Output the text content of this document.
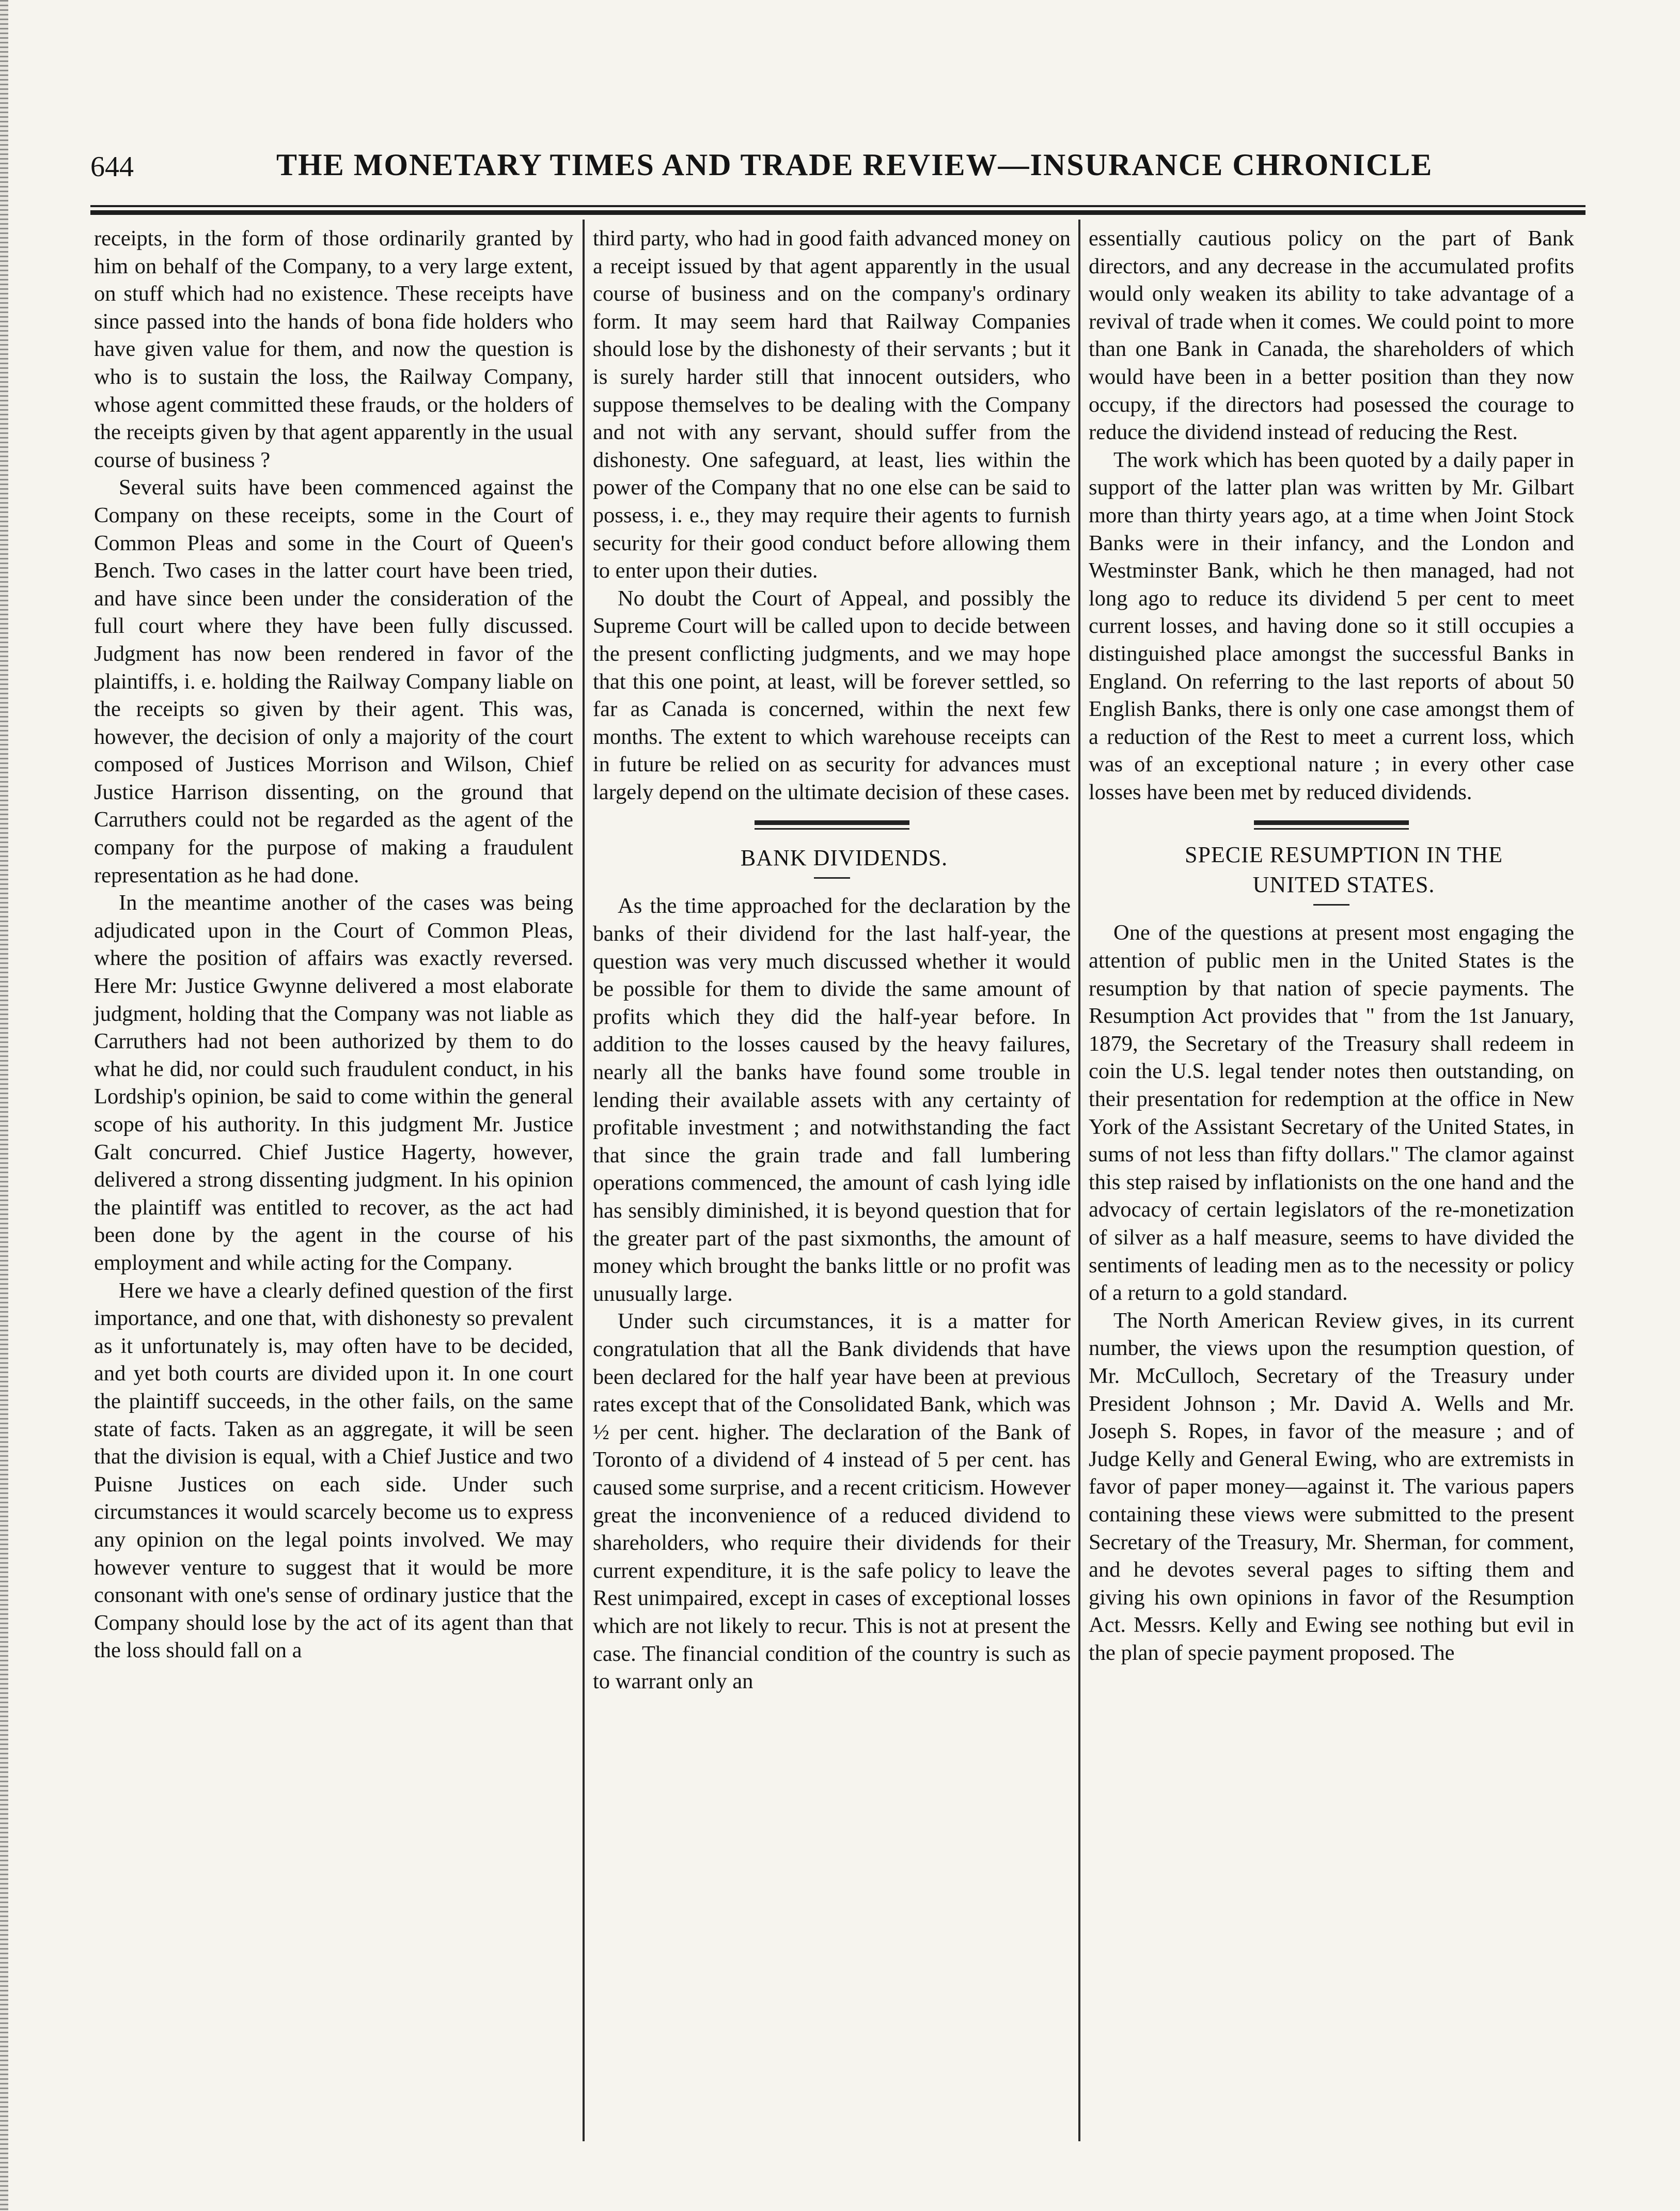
644	THE MONETARY TIMES AND TRADE REVIEW—INSURANCE CHRONICLE

receipts, in the form of those ordinarily granted by him on behalf of the Company, to a very large extent, on stuff which had no existence. These receipts have since passed into the hands of bona fide holders who have given value for them, and now the question is who is to sustain the loss, the Railway Company, whose agent committed these frauds, or the holders of the receipts given by that agent apparently in the usual course of business ?

Several suits have been commenced against the Company on these receipts, some in the Court of Common Pleas and some in the Court of Queen's Bench. Two cases in the latter court have been tried, and have since been under the consideration of the full court where they have been fully discussed. Judgment has now been rendered in favor of the plaintiffs, i. e. holding the Railway Company liable on the receipts so given by their agent. This was, however, the decision of only a majority of the court composed of Justices Morrison and Wilson, Chief Justice Harrison dissenting, on the ground that Carruthers could not be regarded as the agent of the company for the purpose of making a fraudulent representation as he had done.

In the meantime another of the cases was being adjudicated upon in the Court of Common Pleas, where the position of affairs was exactly reversed. Here Mr: Justice Gwynne delivered a most elaborate judgment, holding that the Company was not liable as Carruthers had not been authorized by them to do what he did, nor could such fraudulent conduct, in his Lordship's opinion, be said to come within the general scope of his authority. In this judgment Mr. Justice Galt concurred. Chief Justice Hagerty, however, delivered a strong dissenting judgment. In his opinion the plaintiff was entitled to recover, as the act had been done by the agent in the course of his employment and while acting for the Company.

Here we have a clearly defined question of the first importance, and one that, with dishonesty so prevalent as it unfortunately is, may often have to be decided, and yet both courts are divided upon it. In one court the plaintiff succeeds, in the other fails, on the same state of facts. Taken as an aggregate, it will be seen that the division is equal, with a Chief Justice and two Puisne Justices on each side. Under such circumstances it would scarcely become us to express any opinion on the legal points involved. We may however venture to suggest that it would be more consonant with one's sense of ordinary justice that the Company should lose by the act of its agent than that the loss should fall on a

third party, who had in good faith advanced money on a receipt issued by that agent apparently in the usual course of business and on the company's ordinary form. It may seem hard that Railway Companies should lose by the dishonesty of their servants ; but it is surely harder still that innocent outsiders, who suppose themselves to be dealing with the Company and not with any servant, should suffer from the dishonesty. One safeguard, at least, lies within the power of the Company that no one else can be said to possess, i. e., they may require their agents to furnish security for their good conduct before allowing them to enter upon their duties.

No doubt the Court of Appeal, and possibly the Supreme Court will be called upon to decide between the present conflicting judgments, and we may hope that this one point, at least, will be forever settled, so far as Canada is concerned, within the next few months. The extent to which warehouse receipts can in future be relied on as security for advances must largely depend on the ultimate decision of these cases.

BANK DIVIDENDS.

As the time approached for the declaration by the banks of their dividend for the last half-year, the question was very much discussed whether it would be possible for them to divide the same amount of profits which they did the half-year before. In addition to the losses caused by the heavy failures, nearly all the banks have found some trouble in lending their available assets with any certainty of profitable investment ; and notwithstanding the fact that since the grain trade and fall lumbering operations commenced, the amount of cash lying idle has sensibly diminished, it is beyond question that for the greater part of the past sixmonths, the amount of money which brought the banks little or no profit was unusually large.

Under such circumstances, it is a matter for congratulation that all the Bank dividends that have been declared for the half year have been at previous rates except that of the Consolidated Bank, which was ½ per cent. higher. The declaration of the Bank of Toronto of a dividend of 4 instead of 5 per cent. has caused some surprise, and a recent criticism. However great the inconvenience of a reduced dividend to shareholders, who require their dividends for their current expenditure, it is the safe policy to leave the Rest unimpaired, except in cases of exceptional losses which are not likely to recur. This is not at present the case. The financial condition of the country is such as to warrant only an

essentially cautious policy on the part of Bank directors, and any decrease in the accumulated profits would only weaken its ability to take advantage of a revival of trade when it comes. We could point to more than one Bank in Canada, the shareholders of which would have been in a better position than they now occupy, if the directors had posessed the courage to reduce the dividend instead of reducing the Rest.

The work which has been quoted by a daily paper in support of the latter plan was written by Mr. Gilbart more than thirty years ago, at a time when Joint Stock Banks were in their infancy, and the London and Westminster Bank, which he then managed, had not long ago to reduce its dividend 5 per cent to meet current losses, and having done so it still occupies a distinguished place amongst the successful Banks in England. On referring to the last reports of about 50 English Banks, there is only one case amongst them of a reduction of the Rest to meet a current loss, which was of an exceptional nature ; in every other case losses have been met by reduced dividends.

SPECIE RESUMPTION IN THE

UNITED STATES.

One of the questions at present most engaging the attention of public men in the United States is the resumption by that nation of specie payments. The Resumption Act provides that " from the 1st January, 1879, the Secretary of the Treasury shall redeem in coin the U.S. legal tender notes then outstanding, on their presentation for redemption at the office in New York of the Assistant Secretary of the United States, in sums of not less than fifty dollars." The clamor against this step raised by inflationists on the one hand and the advocacy of certain legislators of the re-monetization of silver as a half measure, seems to have divided the sentiments of leading men as to the necessity or policy of a return to a gold standard.

The North American Review gives, in its current number, the views upon the resumption question, of Mr. McCulloch, Secretary of the Treasury under President Johnson ; Mr. David A. Wells and Mr. Joseph S. Ropes, in favor of the measure ; and of Judge Kelly and General Ewing, who are extremists in favor of paper money—against it. The various papers containing these views were submitted to the present Secretary of the Treasury, Mr. Sherman, for comment, and he devotes several pages to sifting them and giving his own opinions in favor of the Resumption Act. Messrs. Kelly and Ewing see nothing but evil in the plan of specie payment proposed. The
